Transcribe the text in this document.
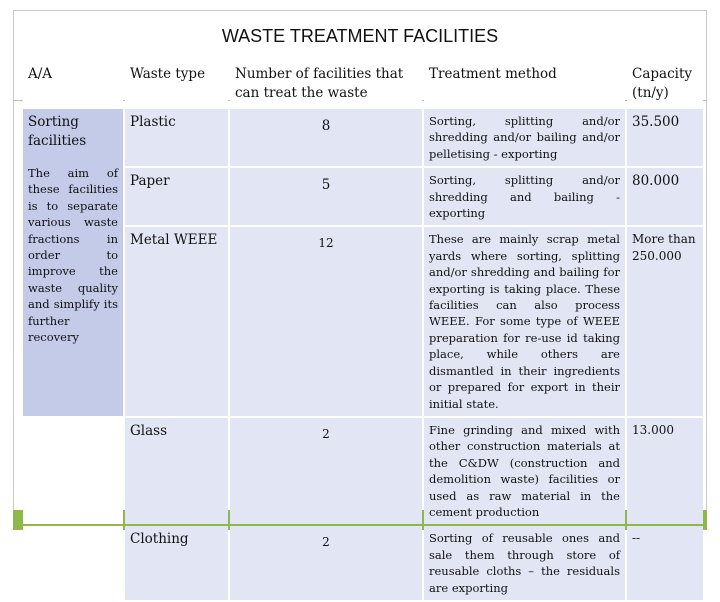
WASTE TREATMENT FACILITIES
A/A	Waste type	Number of facilities that can treat the waste	Treatment method	Capacity (tn/y)

Sorting facilities
The aim of these facilities is to separate various waste fractions in order to improve the waste quality and simplify its further recovery	Plastic	8	Sorting, splitting and/or shredding and/or bailing and/or pelletising - exporting	35.500
	Paper	5	Sorting, splitting and/or shredding and bailing - exporting	80.000
	Metal WEEE	12	These are mainly scrap metal yards where sorting, splitting and/or shredding and bailing for exporting is taking place. These facilities can also process WEEE. For some type of WEEE preparation for re-use id taking place, while others are dismantled in their ingredients or prepared for export in their initial state.	More than 250.000
	Glass	2	Fine grinding and mixed with other construction materials at the C&DW (construction and demolition waste) facilities or used as raw material in the cement production	13.000
	Clothing	2	Sorting of reusable ones and sale them through store of reusable cloths – the residuals are exporting	--
